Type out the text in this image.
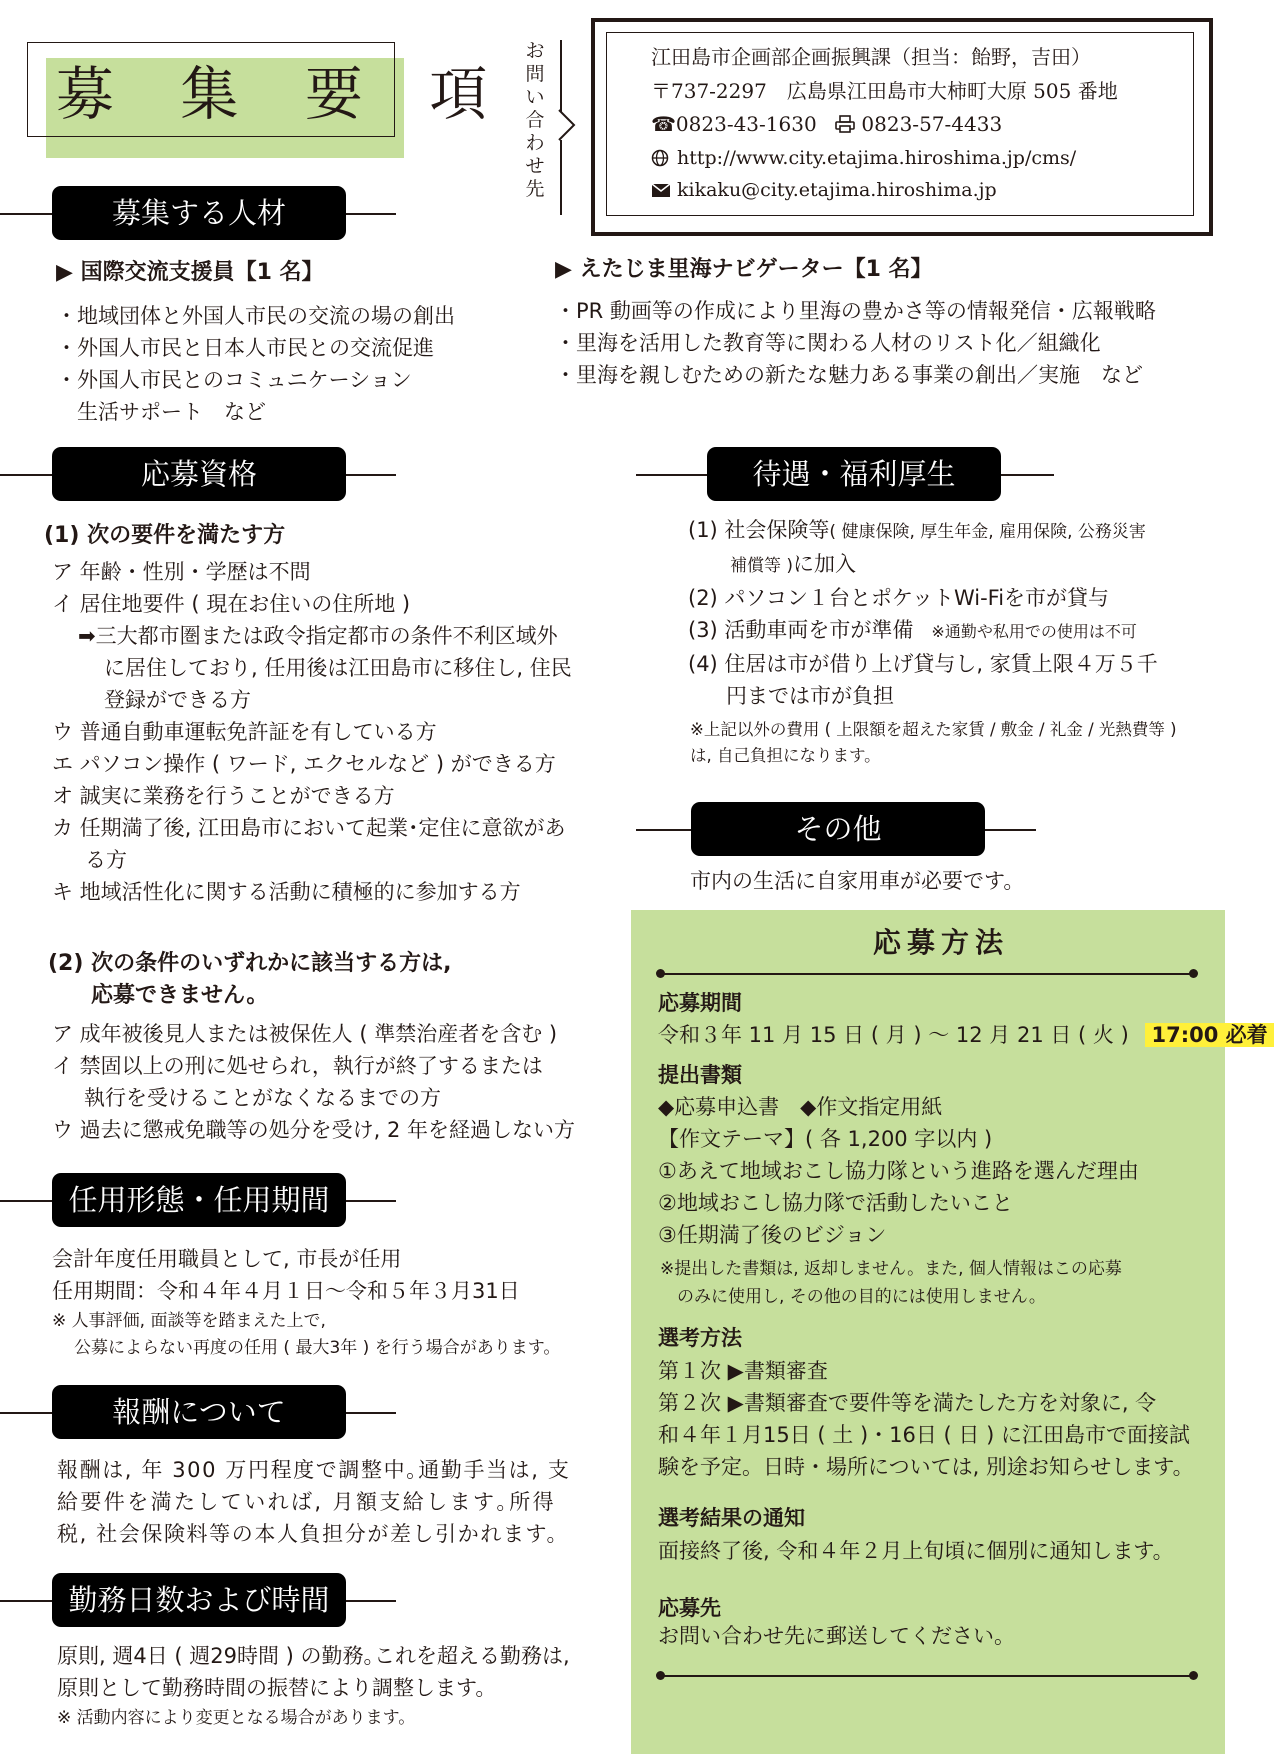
募 集 要 項
お
問
い
合
わ
せ
先
江田島市企画部企画振興課（担当：飴野，吉田）
〒737-2297　広島県江田島市大柿町大原 505 番地
☎0823-43-1630 0823-57-4433
http://www.city.etajima.hiroshima.jp/cms/
kikaku@city.etajima.hiroshima.jp
募集する人材
▶ 国際交流支援員【1 名】
・地域団体と外国人市民の交流の場の創出
・外国人市民と日本人市民との交流促進
・外国人市民とのコミュニケーション
　生活サポート　など
▶ えたじま里海ナビゲーター【1 名】
・PR 動画等の作成により里海の豊かさ等の情報発信・広報戦略
・里海を活用した教育等に関わる人材のリスト化／組織化
・里海を親しむための新たな魅力ある事業の創出／実施　など
応募資格
(1) 次の要件を満たす方
ア 年齢・性別・学歴は不問
イ 居住地要件 ( 現在お住いの住所地 )
➡三大都市圏または政令指定都市の条件不利区域外
に居住しており, 任用後は江田島市に移住し, 住民
登録ができる方
ウ 普通自動車運転免許証を有している方
エ パソコン操作 ( ワード, エクセルなど ) ができる方
オ 誠実に業務を行うことができる方
カ 任期満了後, 江田島市において起業･定住に意欲があ
る方
キ 地域活性化に関する活動に積極的に参加する方
(2) 次の条件のいずれかに該当する方は,
応募できません。
ア 成年被後見人または被保佐人 ( 準禁治産者を含む )
イ 禁固以上の刑に処せられ，執行が終了するまたは
執行を受けることがなくなるまでの方
ウ 過去に懲戒免職等の処分を受け, 2 年を経過しない方
任用形態・任用期間
会計年度任用職員として, 市長が任用
任用期間：令和４年４月１日～令和５年３月31日
※ 人事評価, 面談等を踏まえた上で,
公募によらない再度の任用 ( 最大3年 ) を行う場合があります。
報酬について
報酬は, 年 300 万円程度で調整中｡通勤手当は, 支
給要件を満たしていれば, 月額支給します｡所得
税, 社会保険料等の本人負担分が差し引かれます。
勤務日数および時間
原則, 週4日 ( 週29時間 ) の勤務｡これを超える勤務は,
原則として勤務時間の振替により調整します。
※ 活動内容により変更となる場合があります。
待遇・福利厚生
(1) 社会保険等( 健康保険, 厚生年金, 雇用保険, 公務災害
補償等 )に加入
(2) パソコン１台とポケットWi-Fiを市が貸与
(3) 活動車両を市が準備 ※通勤や私用での使用は不可
(4) 住居は市が借り上げ貸与し, 家賃上限４万５千
円までは市が負担
※上記以外の費用 ( 上限額を超えた家賃 / 敷金 / 礼金 / 光熱費等 )
は, 自己負担になります。
その他
市内の生活に自家用車が必要です。
応募方法
応募期間
令和３年 11 月 15 日 ( 月 ) ～ 12 月 21 日 ( 火 ) 17:00 必着
提出書類
◆応募申込書　◆作文指定用紙
【作文テーマ】( 各 1,200 字以内 )
①あえて地域おこし協力隊という進路を選んだ理由
②地域おこし協力隊で活動したいこと
③任期満了後のビジョン
※提出した書類は, 返却しません。また, 個人情報はこの応募
のみに使用し, その他の目的には使用しません。
選考方法
第１次 ▶書類審査
第２次 ▶書類審査で要件等を満たした方を対象に, 令
和４年１月15日 ( 土 )・16日 ( 日 ) に江田島市で面接試
験を予定。日時・場所については, 別途お知らせします。
選考結果の通知
面接終了後, 令和４年２月上旬頃に個別に通知します。
応募先
お問い合わせ先に郵送してください。
